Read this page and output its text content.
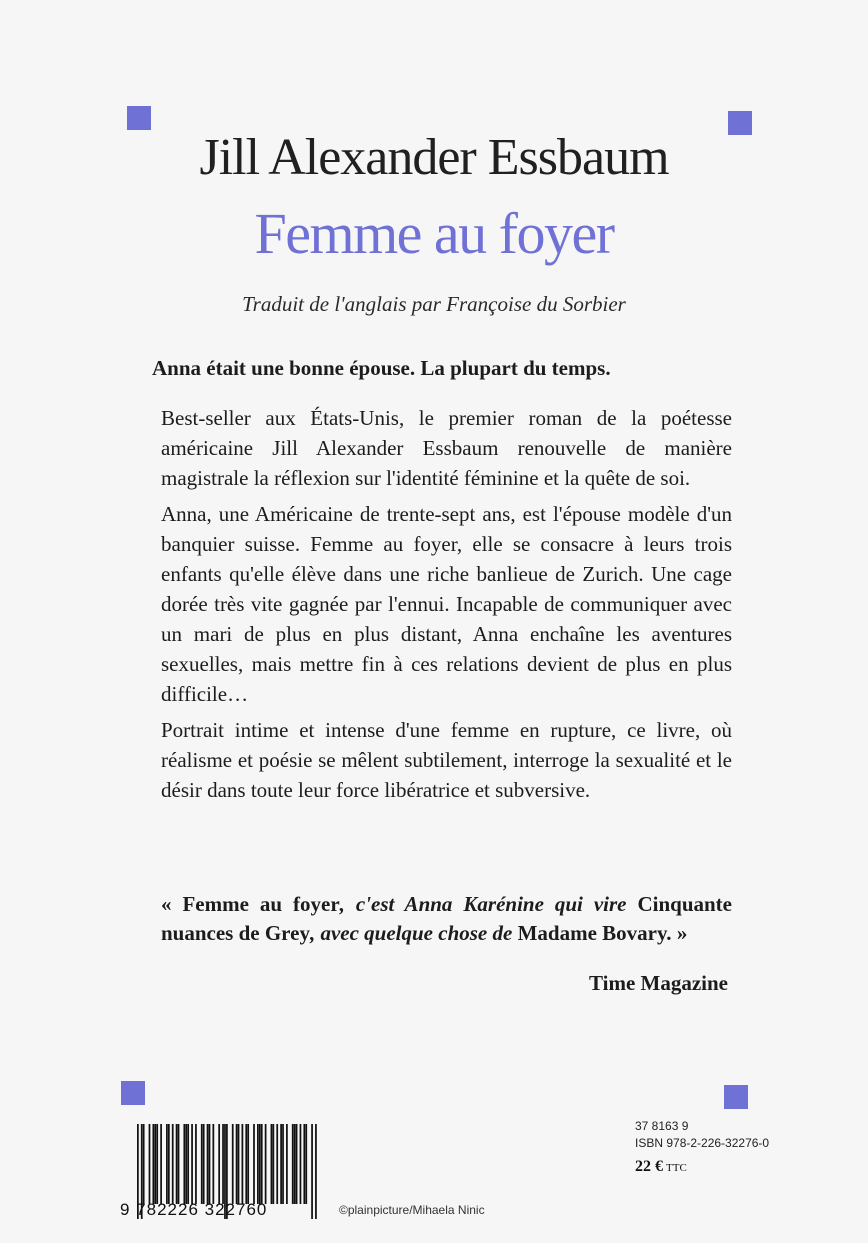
Jill Alexander Essbaum
Femme au foyer
Traduit de l'anglais par Françoise du Sorbier
Anna était une bonne épouse. La plupart du temps.

Best-seller aux États-Unis, le premier roman de la poétesse américaine Jill Alexander Essbaum renouvelle de manière magistrale la réflexion sur l'identité féminine et la quête de soi.

Anna, une Américaine de trente-sept ans, est l'épouse modèle d'un banquier suisse. Femme au foyer, elle se consacre à leurs trois enfants qu'elle élève dans une riche banlieue de Zurich. Une cage dorée très vite gagnée par l'ennui. Incapable de communiquer avec un mari de plus en plus distant, Anna enchaîne les aventures sexuelles, mais mettre fin à ces relations devient de plus en plus difficile…

Portrait intime et intense d'une femme en rupture, ce livre, où réalisme et poésie se mêlent subtilement, interroge la sexualité et le désir dans toute leur force libératrice et subversive.

« Femme au foyer, c'est Anna Karénine qui vire Cinquante nuances de Grey, avec quelque chose de Madame Bovary. »
Time Magazine
9 782226 322760	©plainpicture/Mihaela Ninic
37 8163 9
ISBN 978-2-226-32276-0
22 € TTC
